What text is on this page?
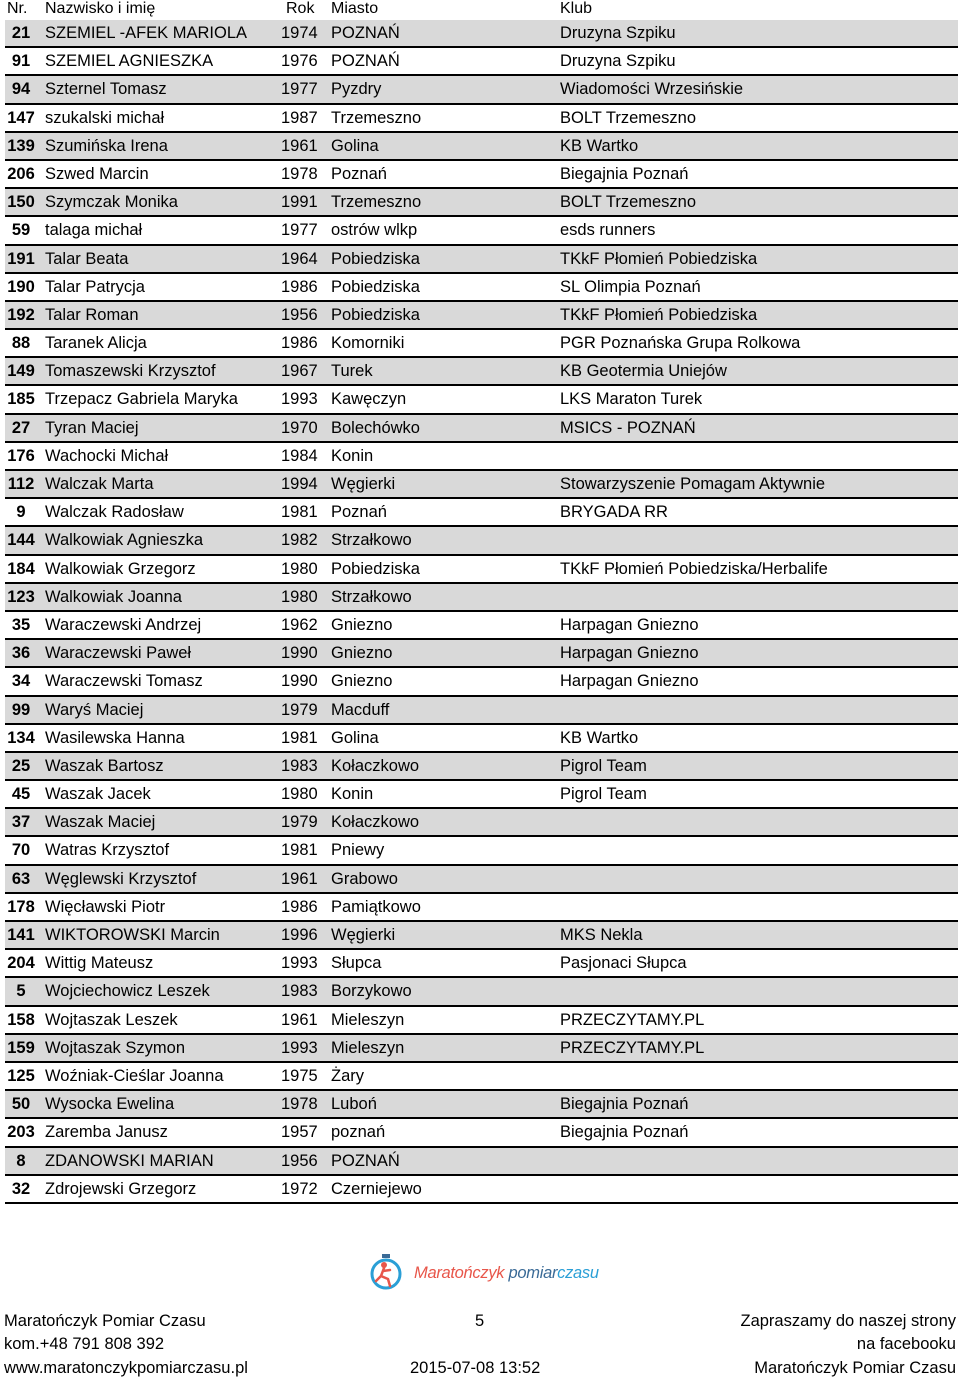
Nr. Nazwisko i imię	Rok Miasto	Klub
21 SZEMIEL -AFEK MARIOLA 1974 POZNAŃ	Druzyna Szpiku
91 SZEMIEL AGNIESZKA	1976 POZNAŃ	Druzyna Szpiku
94 Szternel Tomasz	1977 Pyzdry	Wiadomości Wrzesińskie
147 szukalski michał	1987 Trzemeszno	BOLT Trzemeszno
139 Szumińska Irena	1961 Golina	KB Wartko
206 Szwed Marcin	1978 Poznań	Biegajnia Poznań
150 Szymczak Monika	1991 Trzemeszno	BOLT Trzemeszno
59 talaga michał	1977 ostrów wlkp	esds runners
191 Talar Beata	1964 Pobiedziska	TKkF Płomień Pobiedziska
190 Talar Patrycja	1986 Pobiedziska	SL Olimpia Poznań
192 Talar Roman	1956 Pobiedziska	TKkF Płomień Pobiedziska
88 Taranek Alicja	1986 Komorniki	PGR Poznańska Grupa Rolkowa
149 Tomaszewski Krzysztof	1967 Turek	KB Geotermia Uniejów
185 Trzepacz Gabriela Maryka	1993 Kawęczyn	LKS Maraton Turek
27 Tyran Maciej	1970 Bolechówko	MSICS - POZNAŃ
176 Wachocki Michał	1984 Konin
112 Walczak Marta	1994 Węgierki	Stowarzyszenie Pomagam Aktywnie
9	Walczak Radosław	1981 Poznań	BRYGADA RR
144 Walkowiak Agnieszka	1982 Strzałkowo
184 Walkowiak Grzegorz	1980 Pobiedziska	TKkF Płomień Pobiedziska/Herbalife
123 Walkowiak Joanna	1980 Strzałkowo
35 Waraczewski Andrzej	1962 Gniezno	Harpagan Gniezno
36 Waraczewski Paweł	1990 Gniezno	Harpagan Gniezno
34 Waraczewski Tomasz	1990 Gniezno	Harpagan Gniezno
99 Waryś Maciej	1979 Macduff
134 Wasilewska Hanna	1981 Golina	KB Wartko
25 Waszak Bartosz	1983 Kołaczkowo	Pigrol Team
45 Waszak Jacek	1980 Konin	Pigrol Team
37 Waszak Maciej	1979 Kołaczkowo
70 Watras Krzysztof	1981 Pniewy
63 Węglewski Krzysztof	1961 Grabowo
178 Więcławski Piotr	1986 Pamiątkowo
141 WIKTOROWSKI Marcin	1996 Węgierki	MKS Nekla
204 Wittig Mateusz	1993 Słupca	Pasjonaci Słupca
5	Wojciechowicz Leszek	1983 Borzykowo
158 Wojtaszak Leszek	1961 Mieleszyn	PRZECZYTAMY.PL
159 Wojtaszak Szymon	1993 Mieleszyn	PRZECZYTAMY.PL
125 Woźniak-Cieślar Joanna	1975 Żary
50 Wysocka Ewelina	1978 Luboń	Biegajnia Poznań
203 Zaremba Janusz	1957 poznań	Biegajnia Poznań
8	ZDANOWSKI MARIAN	1956 POZNAŃ
32 Zdrojewski Grzegorz	1972 Czerniejewo
Maratończyk pomiarczasu
Maratończyk Pomiar Czasu
kom.+48 791 808 392
www.maratonczykpomiarczasu.pl
5
2015-07-08 13:52
Zapraszamy do naszej strony
na facebooku
Maratończyk Pomiar Czasu
